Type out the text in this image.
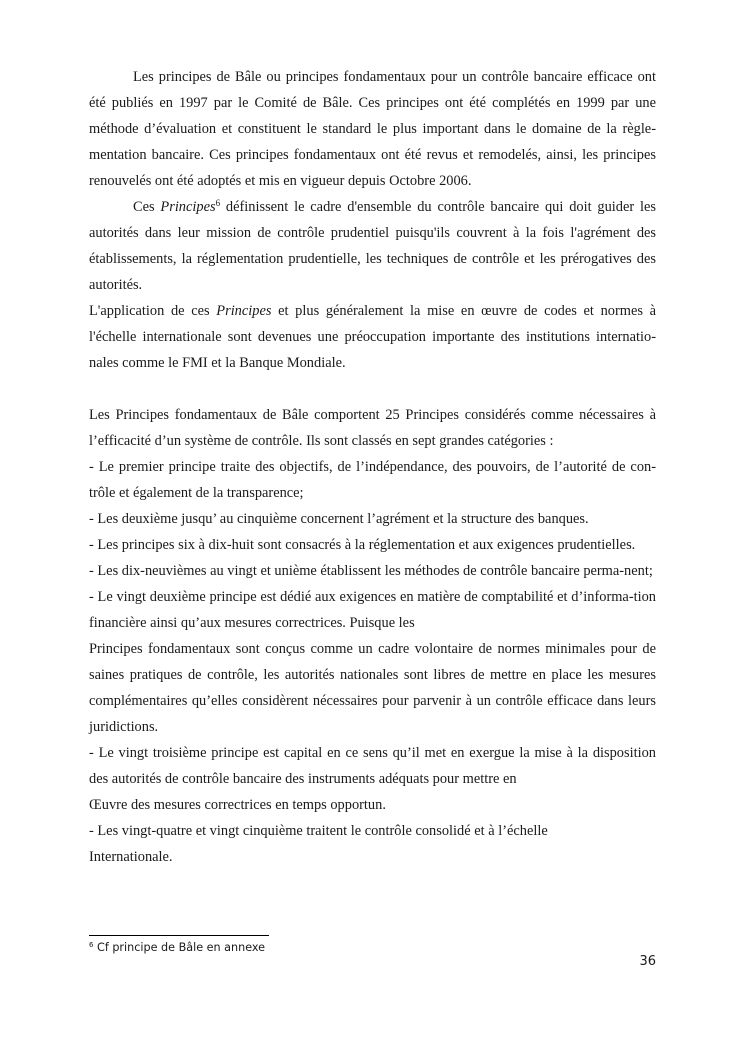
Les principes de Bâle ou principes fondamentaux pour un contrôle bancaire efficace ont été publiés en 1997 par le Comité de Bâle. Ces principes ont été complétés en 1999 par une méthode d’évaluation et constituent le standard le plus important dans le domaine de la règle-mentation bancaire. Ces principes fondamentaux ont été revus et remodelés, ainsi, les principes renouvelés ont été adoptés et mis en vigueur depuis Octobre 2006.

Ces Principes$^6$ définissent le cadre d'ensemble du contrôle bancaire qui doit guider les autorités dans leur mission de contrôle prudentiel puisqu'ils couvrent à la fois l'agrément des établissements, la réglementation prudentielle, les techniques de contrôle et les prérogatives des autorités.

L'application de ces Principes et plus généralement la mise en œuvre de codes et normes à l'échelle internationale sont devenues une préoccupation importante des institutions internatio-nales comme le FMI et la Banque Mondiale.

Les Principes fondamentaux de Bâle comportent 25 Principes considérés comme nécessaires à l’efficacité d’un système de contrôle. Ils sont classés en sept grandes catégories :

- Le premier principe traite des objectifs, de l’indépendance, des pouvoirs, de l’autorité de con-trôle et également de la transparence;

- Les deuxième jusqu’ au cinquième concernent l’agrément et la structure des banques.

- Les principes six à dix-huit sont consacrés à la réglementation et aux exigences prudentielles.

- Les dix-neuvièmes au vingt et unième établissent les méthodes de contrôle bancaire perma-nent;

- Le vingt deuxième principe est dédié aux exigences en matière de comptabilité et d’informa-tion financière ainsi qu’aux mesures correctrices. Puisque les

Principes fondamentaux sont conçus comme un cadre volontaire de normes minimales pour de saines pratiques de contrôle, les autorités nationales sont libres de mettre en place les mesures complémentaires qu’elles considèrent nécessaires pour parvenir à un contrôle efficace dans leurs juridictions.

- Le vingt troisième principe est capital en ce sens qu’il met en exergue la mise à la disposition des autorités de contrôle bancaire des instruments adéquats pour mettre en

Œuvre des mesures correctrices en temps opportun.

- Les vingt-quatre et vingt cinquième traitent le contrôle consolidé et à l’échelle

Internationale.

$^6$ Cf principe de Bâle en annexe
36
